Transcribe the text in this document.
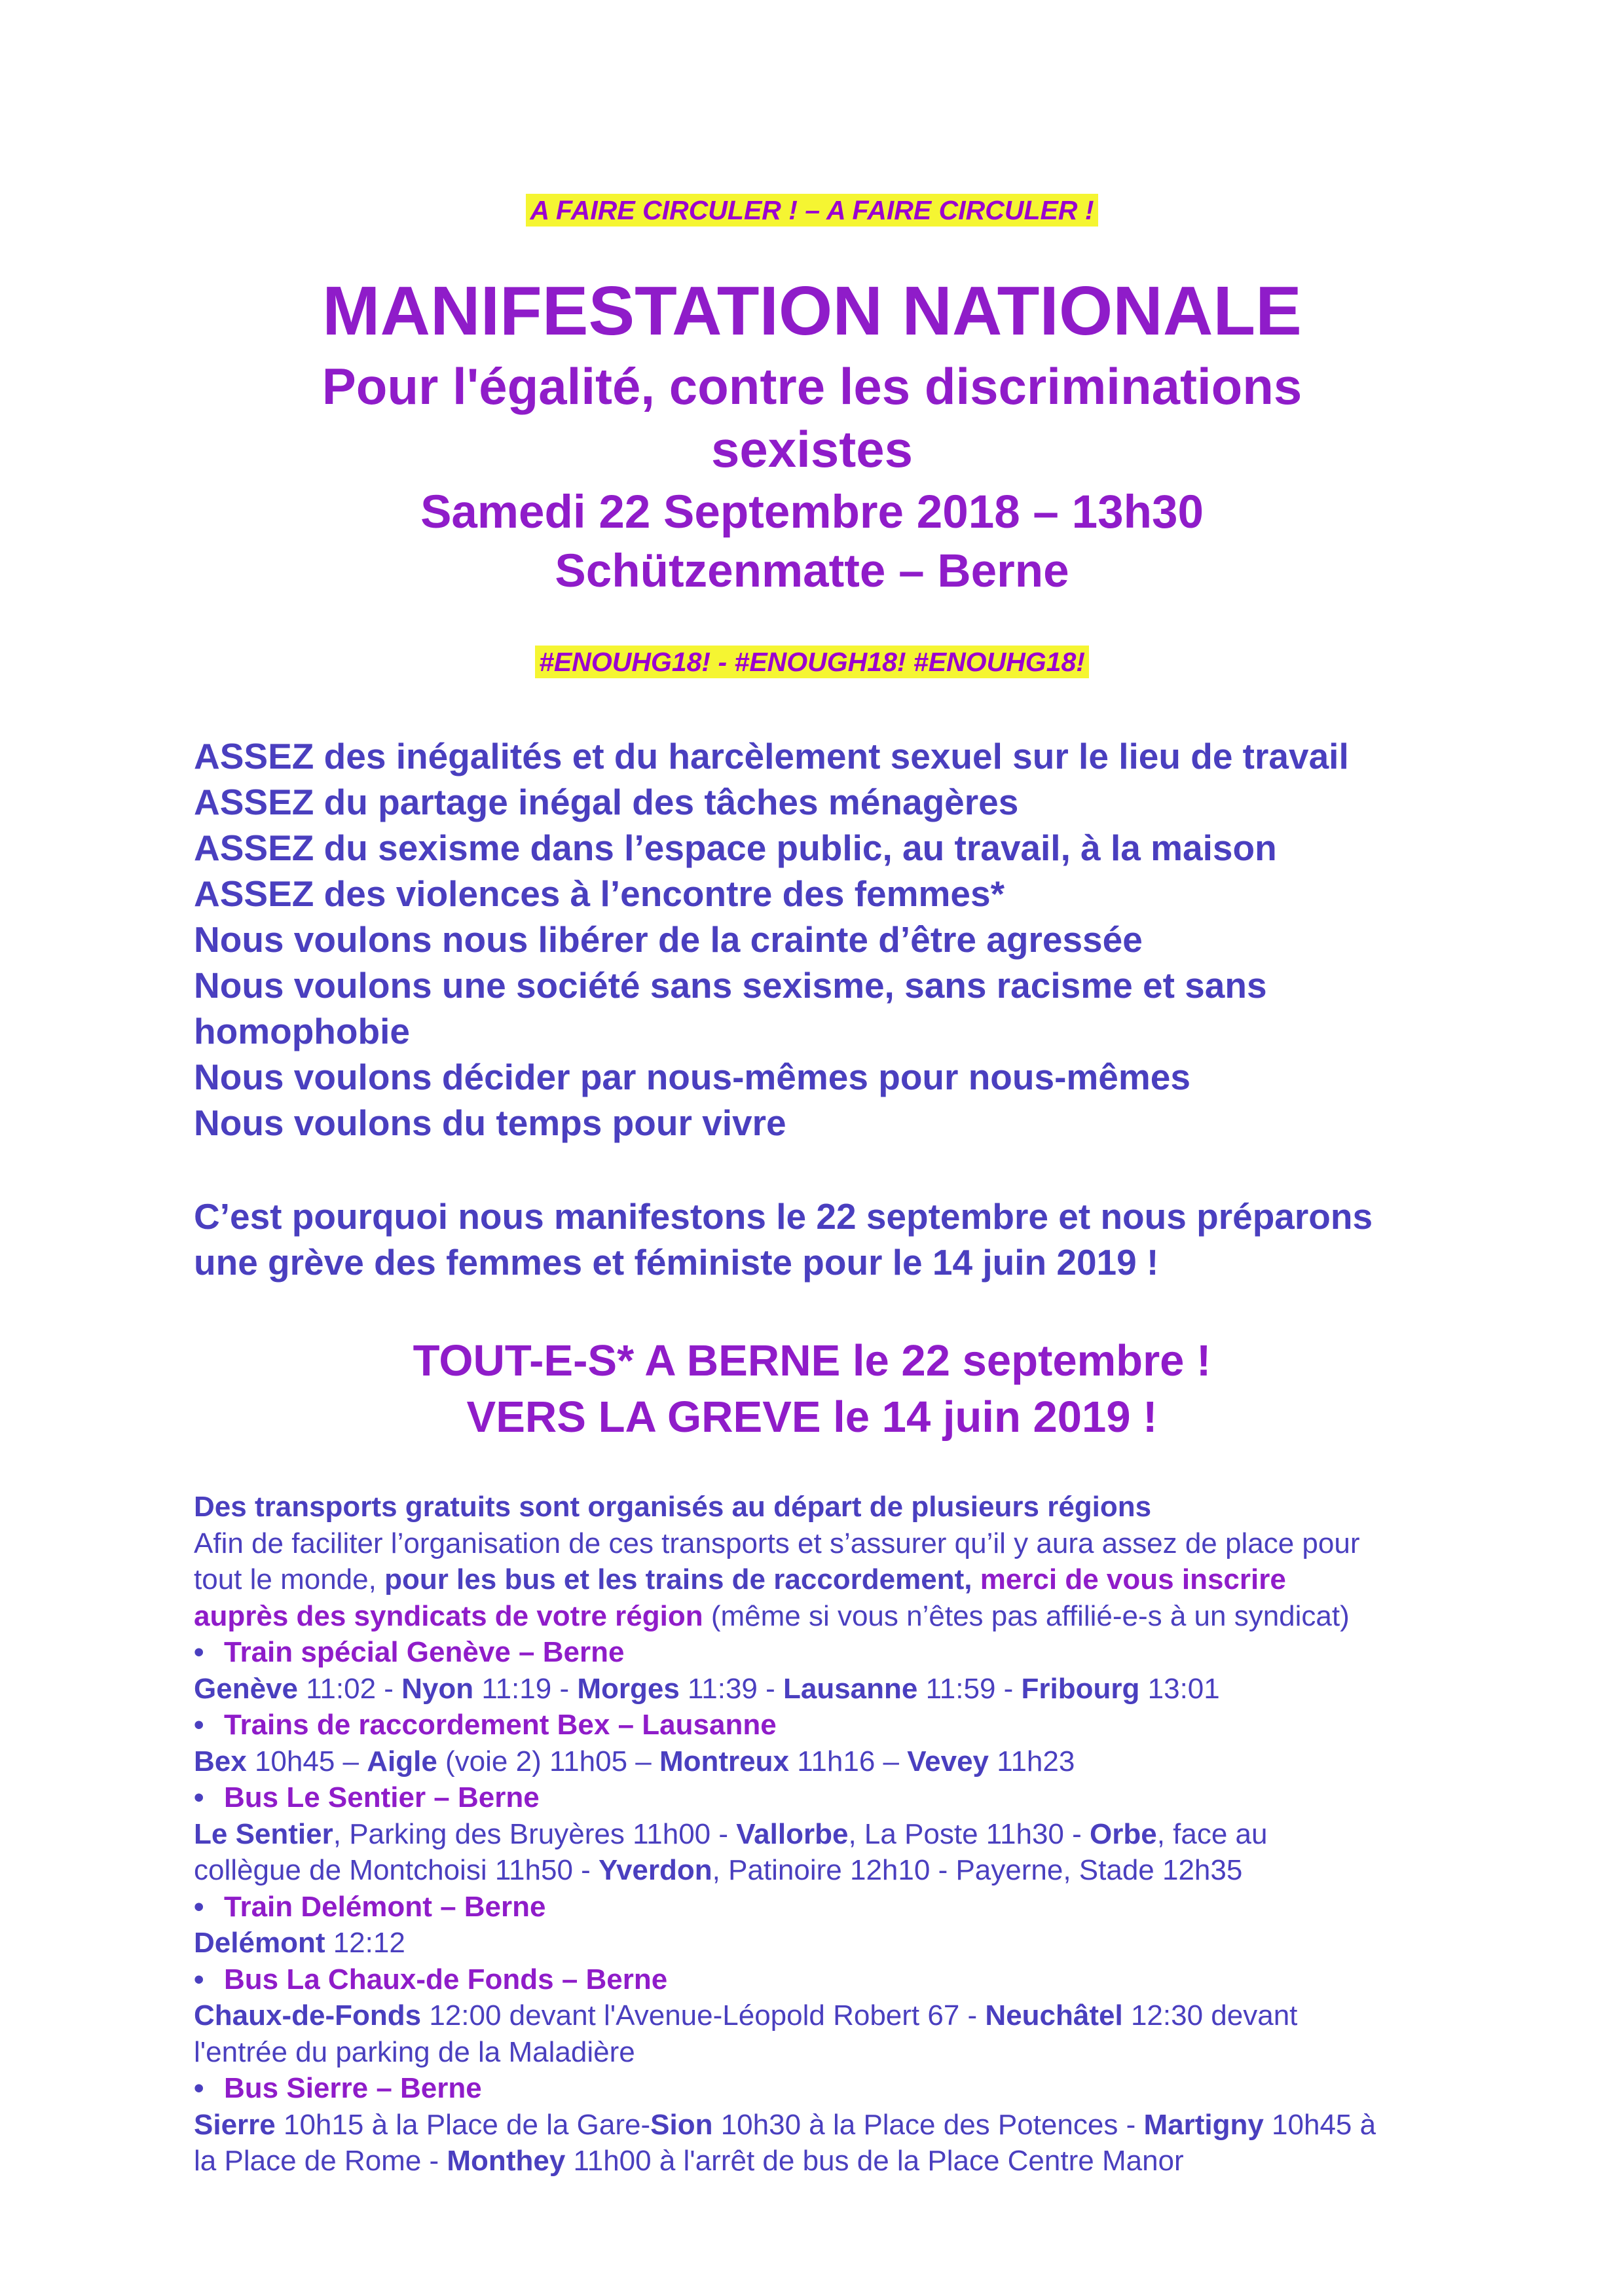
A FAIRE CIRCULER ! – A FAIRE CIRCULER !
MANIFESTATION NATIONALE
Pour l'égalité, contre les discriminations
sexistes
Samedi 22 Septembre 2018 – 13h30
Schützenmatte – Berne
#ENOUHG18! - #ENOUGH18! #ENOUHG18!
ASSEZ des inégalités et du harcèlement sexuel sur le lieu de travail
ASSEZ du partage inégal des tâches ménagères
ASSEZ du sexisme dans l’espace public, au travail, à la maison
ASSEZ des violences à l’encontre des femmes*
Nous voulons nous libérer de la crainte d’être agressée
Nous voulons une société sans sexisme, sans racisme et sans
homophobie
Nous voulons décider par nous-mêmes pour nous-mêmes
Nous voulons du temps pour vivre
C’est pourquoi nous manifestons le 22 septembre et nous préparons
une grève des femmes et féministe pour le 14 juin 2019 !
TOUT-E-S* A BERNE le 22 septembre !
VERS LA GREVE le 14 juin 2019 !
Des transports gratuits sont organisés au départ de plusieurs régions
Afin de faciliter l’organisation de ces transports et s’assurer qu’il y aura assez de place pour
tout le monde, pour les bus et les trains de raccordement, merci de vous inscrire
auprès des syndicats de votre région (même si vous n’êtes pas affilié-e-s à un syndicat)
• Train spécial Genève – Berne
Genève 11:02 - Nyon 11:19 - Morges 11:39 - Lausanne 11:59 - Fribourg 13:01
• Trains de raccordement Bex – Lausanne
Bex 10h45 – Aigle (voie 2) 11h05 – Montreux 11h16 – Vevey 11h23
• Bus Le Sentier – Berne
Le Sentier, Parking des Bruyères 11h00 - Vallorbe, La Poste 11h30 - Orbe, face au
collègue de Montchoisi 11h50 - Yverdon, Patinoire 12h10 - Payerne, Stade 12h35
• Train Delémont – Berne
Delémont 12:12
• Bus La Chaux-de Fonds – Berne
Chaux-de-Fonds 12:00 devant l'Avenue-Léopold Robert 67 - Neuchâtel 12:30 devant
l'entrée du parking de la Maladière
• Bus Sierre – Berne
Sierre 10h15 à la Place de la Gare-Sion 10h30 à la Place des Potences - Martigny 10h45 à
la Place de Rome - Monthey 11h00 à l'arrêt de bus de la Place Centre Manor
